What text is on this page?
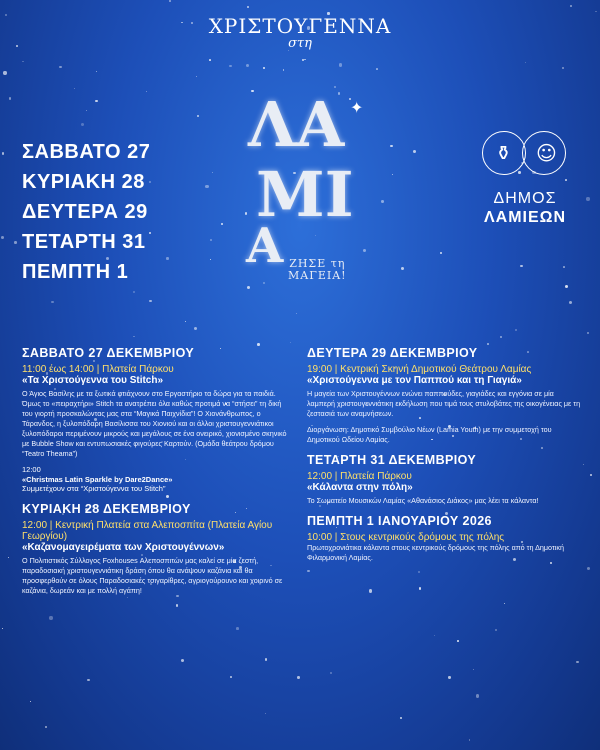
ΧΡΙΣΤΟΥΓΕΝΝΑ
στη
✦
ΛΑ
ΜΙ
Α ΖΗΣΕ τη
ΜΑΓΕΙΑ!
ΣΑΒΒΑΤΟ 27
ΚΥΡΙΑΚΗ 28
ΔΕΥΤΕΡΑ 29
ΤΕΤΑΡΤΗ 31
ΠΕΜΠΤΗ 1
⚱ ☺
ΔΗΜΟΣ
ΛΑΜΙΕΩΝ
ΣΑΒΒΑΤΟ 27 ΔΕΚΕΜΒΡΙΟΥ
11:00 έως 14:00 | Πλατεία Πάρκου
«Τα Χριστούγεννα του Stitch»
Ο Άγιος Βασίλης με τα ξωτικά φτιάχνουν στο Εργαστήριο τα δώρα για τα παιδιά. Όμως το «πειραχτήρι» Stitch τα ανατρέπει όλα καθώς προτιμά να “στήσει” τη δική του γιορτή προσκαλώντας μας στα “Μαγικά Παιχνίδια”! Ο Χιονάνθρωπος, ο Τάρανδος, η ξυλοπόδαρη Βασίλισσα του Χιονιού και οι άλλοι χριστουγεννιάτικοι ξυλοπόδαροι περιμένουν μικρούς και μεγάλους σε ένα ονειρικό, χιονισμένο σκηνικό με Bubble Show και εντυπωσιακές φιγούρες Καρτούν. (Ομάδα θεάτρου δρόμου “Teatro Theama”)
12:00
«Christmas Latin Sparkle by Dare2Dance»
Συμμετέχουν στα “Χριστούγεννα του Stitch”
ΚΥΡΙΑΚΗ 28 ΔΕΚΕΜΒΡΙΟΥ
12:00 | Κεντρική Πλατεία στα Αλεποσπίτα (Πλατεία Αγίου Γεωργίου)
«Καζανομαγειρέματα των Χριστουγέννων»
Ο Πολιτιστικός Σύλλογος Foxhouses Αλεποσπιτών μας καλεί σε μία ζεστή, παραδοσιακή χριστουγεννιάτικη δράση όπου θα ανάψουν καζάνια και θα προσφερθούν σε όλους Παραδοσιακές τσιγαρίθρες, αγριογούρουνο και χοιρινό σε καζάνια, δωρεάν και με πολλή αγάπη!
ΔΕΥΤΕΡΑ 29 ΔΕΚΕΜΒΡΙΟΥ
19:00 | Κεντρική Σκηνή Δημοτικού Θεάτρου Λαμίας
«Χριστούγεννα με τον Παππού και τη Γιαγιά»
Η μαγεία των Χριστουγέννων ενώνει παππούδες, γιαγιάδες και εγγόνια σε μία λαμπερή χριστουγεννιάτικη εκδήλωση που τιμά τους στυλοβάτες της οικογένειας με τη ζεστασιά των αναμνήσεων.
Διοργάνωση: Δημοτικό Συμβούλιο Νέων (Lamia Youth) με την συμμετοχή του Δημοτικού Ωδείου Λαμίας.
ΤΕΤΑΡΤΗ 31 ΔΕΚΕΜΒΡΙΟΥ
12:00 | Πλατεία Πάρκου
«Κάλαντα στην πόλη»
Το Σωματείο Μουσικών Λαμίας «Αθανάσιος Διάκος» μας λέει τα κάλαντα!
ΠΕΜΠΤΗ 1 ΙΑΝΟΥΑΡΙΟΥ 2026
10:00 | Στους κεντρικούς δρόμους της πόλης
Πρωτοχρονιάτικα κάλαντα στους κεντρικούς δρόμους της πόλης από τη Δημοτική Φιλαρμονική Λαμίας.
